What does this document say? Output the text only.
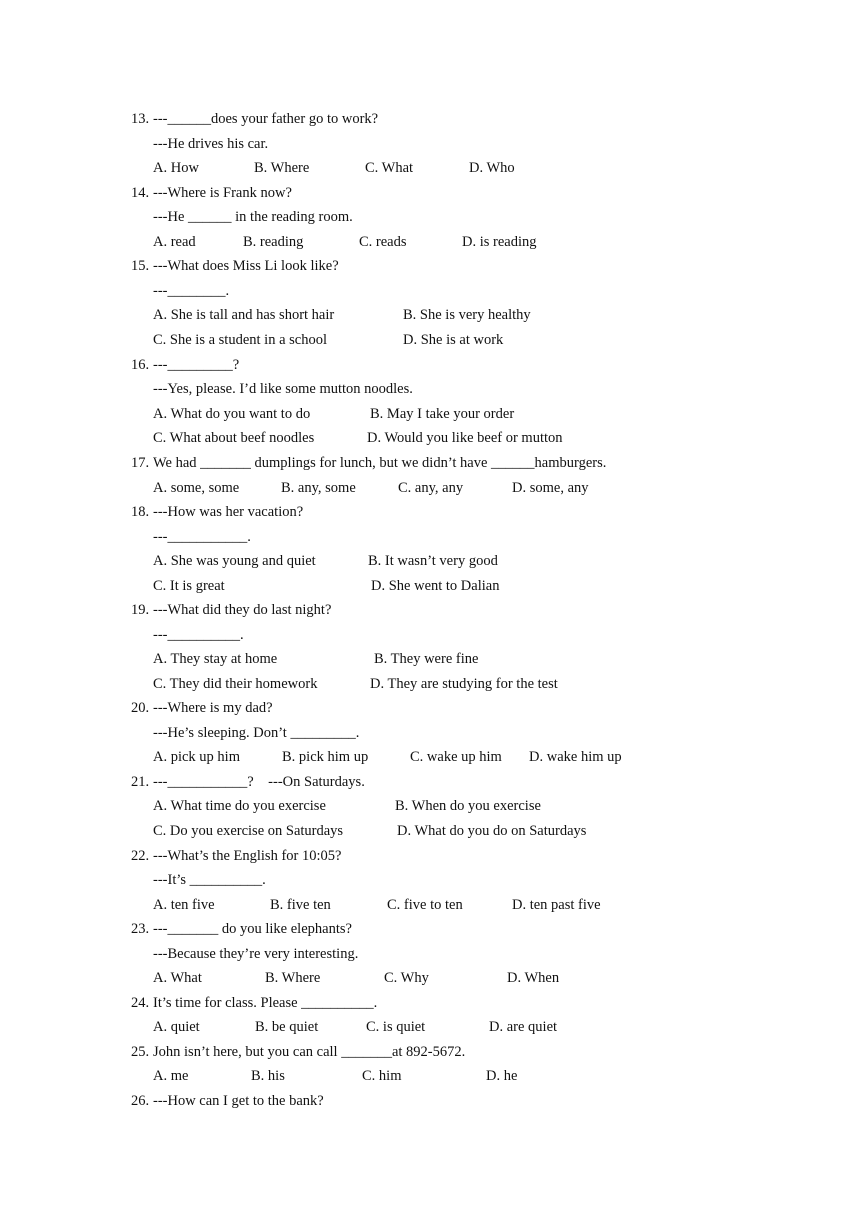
13. ---______does your father go to work?
---He drives his car.
A. How	B. Where	C. What	D. Who
14. ---Where is Frank now?
---He ______ in the reading room.
A. read	B. reading	C. reads	D. is reading
15. ---What does Miss Li look like?
---________.
A. She is tall and has short hair	B. She is very healthy
C. She is a student in a school	D. She is at work
16. ---_________?
---Yes, please. I’d like some mutton noodles.
A. What do you want to do	B. May I take your order
C. What about beef noodles	D. Would you like beef or mutton
17. We had _______ dumplings for lunch, but we didn’t have ______hamburgers.
A. some, some	B. any, some	C. any, any	D. some, any
18. ---How was her vacation?
---___________.
A. She was young and quiet	B. It wasn’t very good
C. It is great	D. She went to Dalian
19. ---What did they do last night?
---__________.
A. They stay at home	B. They were fine
C. They did their homework	D. They are studying for the test
20. ---Where is my dad?
---He’s sleeping. Don’t _________.
A. pick up him	B. pick him up	C. wake up him D. wake him up
21. ---___________?    ---On Saturdays.
A. What time do you exercise	B. When do you exercise
C. Do you exercise on Saturdays	D. What do you do on Saturdays
22. ---What’s the English for 10:05?
---It’s __________.
A. ten five	B. five ten	C. five to ten	D. ten past five
23. ---_______ do you like elephants?
---Because they’re very interesting.
A. What	B. Where	C. Why	D. When
24. It’s time for class. Please __________.
A. quiet	B. be quiet	C. is quiet	D. are quiet
25. John isn’t here, but you can call _______at 892-5672.
A. me	B. his	C. him	D. he
26. ---How can I get to the bank?
